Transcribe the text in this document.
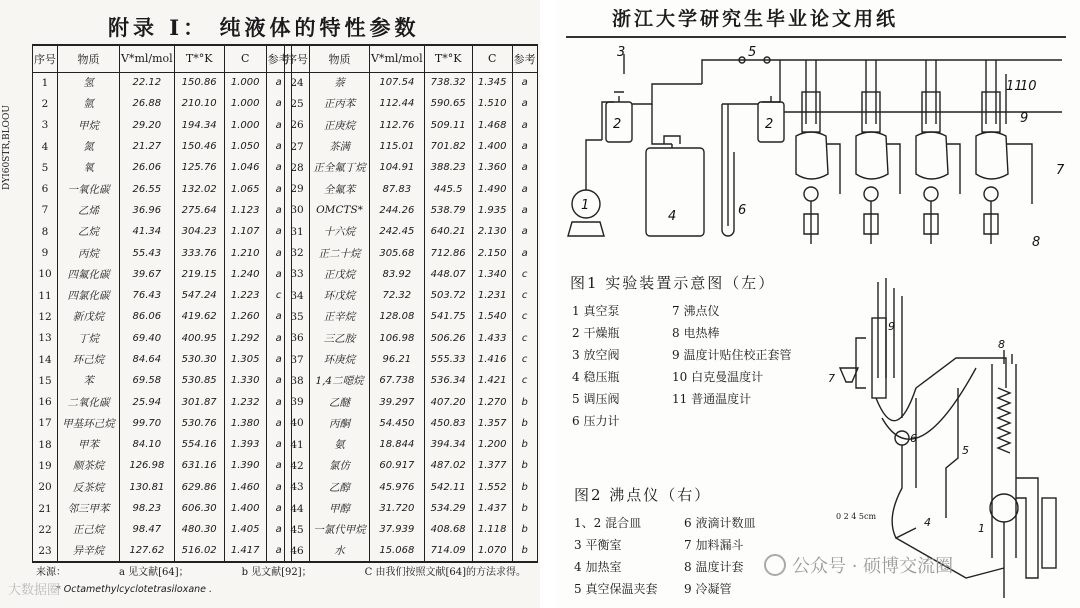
附录 I： 纯液体的特性参数
DYI60STR,BLOOU
序号	物质	V*ml/mol	T*°K	C	参考
1	氢	22.12	150.86	1.000	a
2	氩	26.88	210.10	1.000	a
3	甲烷	29.20	194.34	1.000	a
4	氮	21.27	150.46	1.050	a
5	氧	26.06	125.76	1.046	a
6	一氧化碳	26.55	132.02	1.065	a
7	乙烯	36.96	275.64	1.123	a
8	乙烷	41.34	304.23	1.107	a
9	丙烷	55.43	333.76	1.210	a
10	四氟化碳	39.67	219.15	1.240	a
11	四氯化碳	76.43	547.24	1.223	c
12	新戊烷	86.06	419.62	1.260	a
13	丁烷	69.40	400.95	1.292	a
14	环己烷	84.64	530.30	1.305	a
15	苯	69.58	530.85	1.330	a
16	二氧化碳	25.94	301.87	1.232	a
17	甲基环己烷	99.70	530.76	1.380	a
18	甲苯	84.10	554.16	1.393	a
19	顺茶烷	126.98	631.16	1.390	a
20	反茶烷	130.81	629.86	1.460	a
21	邻三甲苯	98.23	606.30	1.400	a
22	正己烷	98.47	480.30	1.405	a
23	异辛烷	127.62	516.02	1.417	a
序号	物质	V*ml/mol	T*°K	C	参考
24	萘	107.54	738.32	1.345	a
25	正丙苯	112.44	590.65	1.510	a
26	正庚烷	112.76	509.11	1.468	a
27	茶满	115.01	701.82	1.400	a
28	正全氟丁烷	104.91	388.23	1.360	a
29	全氟苯	87.83	445.5	1.490	a
30	OMCTS*	244.26	538.79	1.935	a
31	十六烷	242.45	640.21	2.130	a
32	正二十烷	305.68	712.86	2.150	a
33	正戊烷	83.92	448.07	1.340	c
34	环戊烷	72.32	503.72	1.231	c
35	正辛烷	128.08	541.75	1.540	c
36	三乙胺	106.98	506.26	1.433	c
37	环庚烷	96.21	555.33	1.416	c
38	1,4二噁烷	67.738	536.34	1.421	c
39	乙醚	39.297	407.20	1.270	b
40	丙酮	54.450	450.83	1.357	b
41	氨	18.844	394.34	1.200	b
42	氯仿	60.917	487.02	1.377	b
43	乙醇	45.976	542.11	1.552	b
44	甲醇	31.720	534.29	1.437	b
45	一氯代甲烷	37.939	408.68	1.118	b
46	水	15.068	714.09	1.070	b
来源：	a 见文献[64]；	b 见文献[92]；	C 由我们按照文献[64]的方法求得。
* Octamethylcyclotetrasiloxane .
大数据圈
浙江大学研究生毕业论文用纸
1
2
3
4
5
6
2
7
8
9
10
11
图1 实验装置示意图（左）
1 真空泵	7 沸点仪
2 干燥瓶	8 电热棒
3 放空阀	9 温度计贴住校正套管
4 稳压瓶	10 白克曼温度计
5 调压阀	11 普通温度计
6 压力计
9
7
6
8
5
4	1
0 2 4 5cm
图2 沸点仪（右）
1、2 混合皿	6 液滴计数皿
3 平衡室	7 加料漏斗
4 加热室	8 温度计套
5 真空保温夹套	9 冷凝管
公众号 · 硕博交流圈
